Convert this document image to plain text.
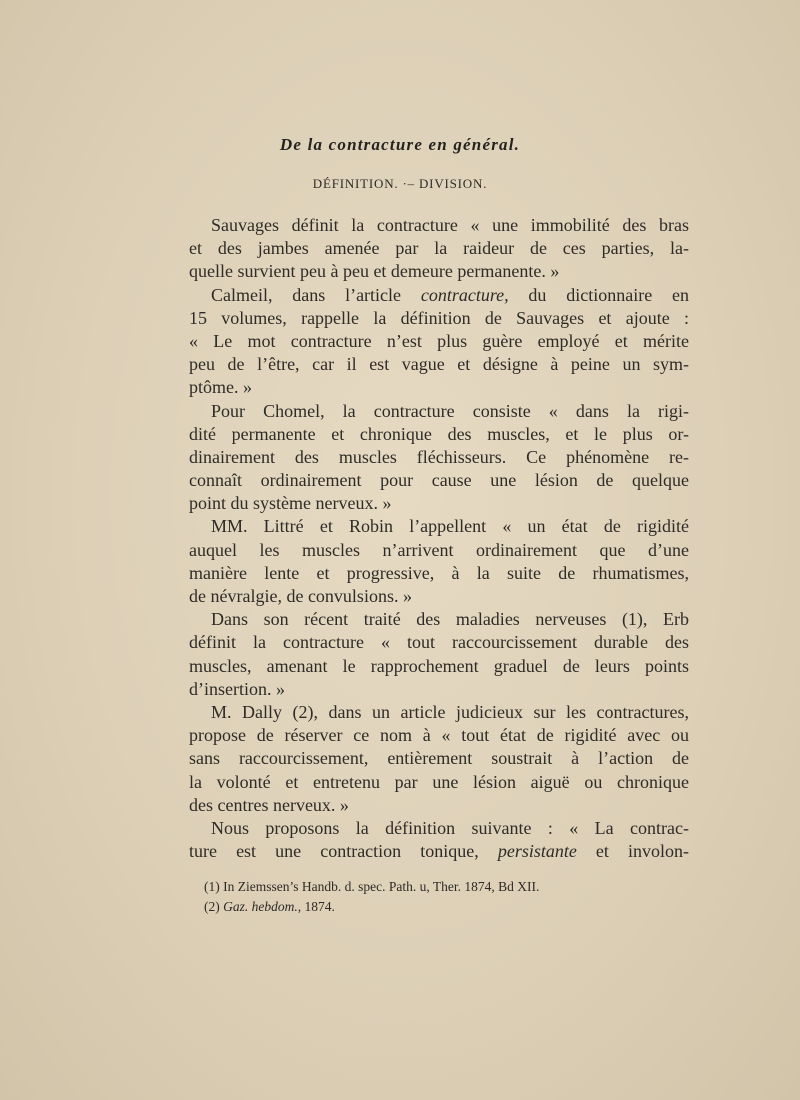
De la contracture en général.
DÉFINITION. ·– DIVISION.
Sauvages définit la contracture « une immobilité des bras
et des jambes amenée par la raideur de ces parties, la-
quelle survient peu à peu et demeure permanente. »
Calmeil, dans l’article contracture, du dictionnaire en
15 volumes, rappelle la définition de Sauvages et ajoute :
« Le mot contracture n’est plus guère employé et mérite
peu de l’être, car il est vague et désigne à peine un sym-
ptôme. »
Pour Chomel, la contracture consiste « dans la rigi-
dité permanente et chronique des muscles, et le plus or-
dinairement des muscles fléchisseurs. Ce phénomène re-
connaît ordinairement pour cause une lésion de quelque
point du système nerveux. »
MM. Littré et Robin l’appellent « un état de rigidité
auquel les muscles n’arrivent ordinairement que d’une
manière lente et progressive, à la suite de rhumatismes,
de névralgie, de convulsions. »
Dans son récent traité des maladies nerveuses (1), Erb
définit la contracture « tout raccourcissement durable des
muscles, amenant le rapprochement graduel de leurs points
d’insertion. »
M. Dally (2), dans un article judicieux sur les contractures,
propose de réserver ce nom à « tout état de rigidité avec ou
sans raccourcissement, entièrement soustrait à l’action de
la volonté et entretenu par une lésion aiguë ou chronique
des centres nerveux. »
Nous proposons la définition suivante : « La contrac-
ture est une contraction tonique, persistante et involon-
(1) In Ziemssen’s Handb. d. spec. Path. u, Ther. 1874, Bd XII.
(2) Gaz. hebdom., 1874.
